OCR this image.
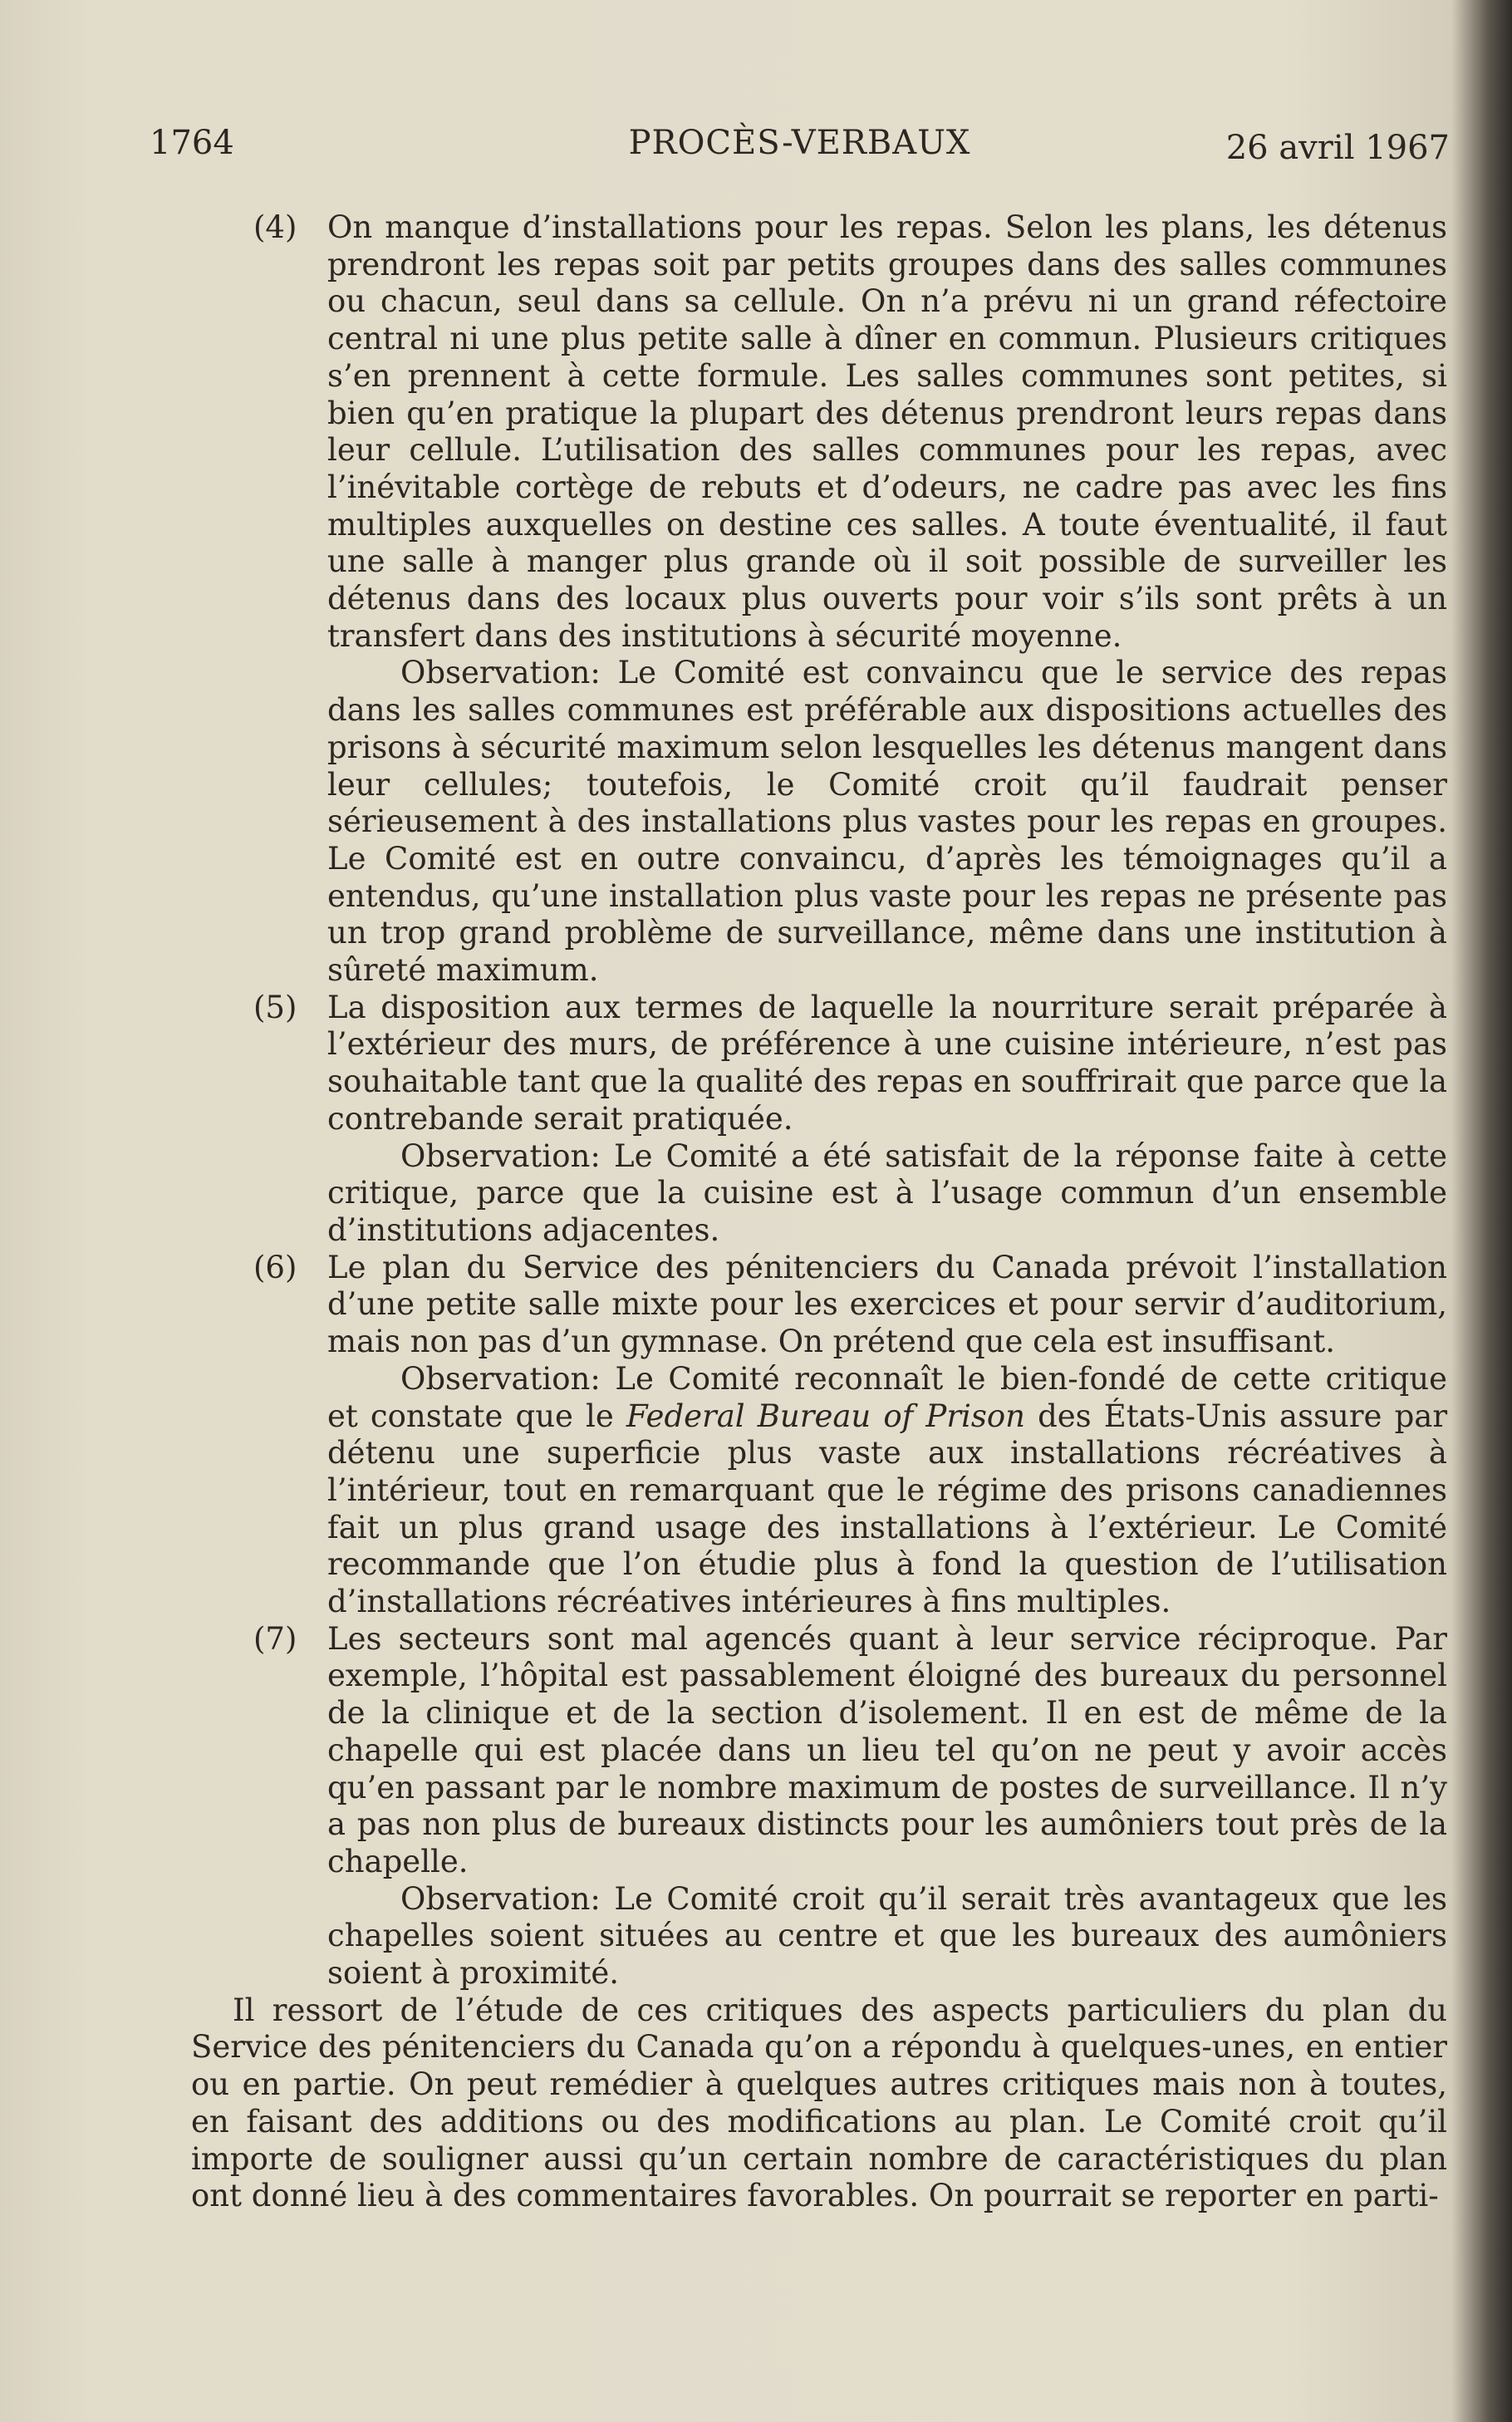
1764	PROCÈS-VERBAUX	26 avril 1967
(4) On manque d’installations pour les repas. Selon les plans, les détenus prendront les repas soit par petits groupes dans des salles communes ou chacun, seul dans sa cellule. On n’a prévu ni un grand réfectoire central ni une plus petite salle à dîner en commun. Plusieurs critiques s’en prennent à cette formule. Les salles communes sont petites, si bien qu’en pratique la plupart des détenus prendront leurs repas dans leur cellule. L’utilisation des salles communes pour les repas, avec l’inévitable cortège de rebuts et d’odeurs, ne cadre pas avec les fins multiples auxquelles on destine ces salles. A toute éventualité, il faut une salle à manger plus grande où il soit possible de surveiller les détenus dans des locaux plus ouverts pour voir s’ils sont prêts à un transfert dans des institutions à sécurité moyenne.

Observation: Le Comité est convaincu que le service des repas dans les salles communes est préférable aux dispositions actuelles des prisons à sécurité maximum selon lesquelles les détenus mangent dans leur cellules; toutefois, le Comité croit qu’il faudrait penser sérieusement à des installations plus vastes pour les repas en groupes. Le Comité est en outre convaincu, d’après les témoignages qu’il a entendus, qu’une installation plus vaste pour les repas ne présente pas un trop grand problème de surveillance, même dans une institution à sûreté maximum.

(5) La disposition aux termes de laquelle la nourriture serait préparée à l’extérieur des murs, de préférence à une cuisine intérieure, n’est pas souhaitable tant que la qualité des repas en souffrirait que parce que la contrebande serait pratiquée.

Observation: Le Comité a été satisfait de la réponse faite à cette critique, parce que la cuisine est à l’usage commun d’un ensemble d’institutions adjacentes.

(6) Le plan du Service des pénitenciers du Canada prévoit l’installation d’une petite salle mixte pour les exercices et pour servir d’auditorium, mais non pas d’un gymnase. On prétend que cela est insuffisant.

Observation: Le Comité reconnaît le bien-fondé de cette critique et constate que le Federal Bureau of Prison des États-Unis assure par détenu une superficie plus vaste aux installations récréatives à l’intérieur, tout en remarquant que le régime des prisons canadiennes fait un plus grand usage des installations à l’extérieur. Le Comité recommande que l’on étudie plus à fond la question de l’utilisation d’installations récréatives intérieures à fins multiples.

(7) Les secteurs sont mal agencés quant à leur service réciproque. Par exemple, l’hôpital est passablement éloigné des bureaux du personnel de la clinique et de la section d’isolement. Il en est de même de la chapelle qui est placée dans un lieu tel qu’on ne peut y avoir accès qu’en passant par le nombre maximum de postes de surveillance. Il n’y a pas non plus de bureaux distincts pour les aumôniers tout près de la chapelle.

Observation: Le Comité croit qu’il serait très avantageux que les chapelles soient situées au centre et que les bureaux des aumôniers soient à proximité.

Il ressort de l’étude de ces critiques des aspects particuliers du plan du Service des pénitenciers du Canada qu’on a répondu à quelques-unes, en entier ou en partie. On peut remédier à quelques autres critiques mais non à toutes, en faisant des additions ou des modifications au plan. Le Comité croit qu’il importe de souligner aussi qu’un certain nombre de caractéristiques du plan ont donné lieu à des commentaires favorables. On pourrait se reporter en parti-
